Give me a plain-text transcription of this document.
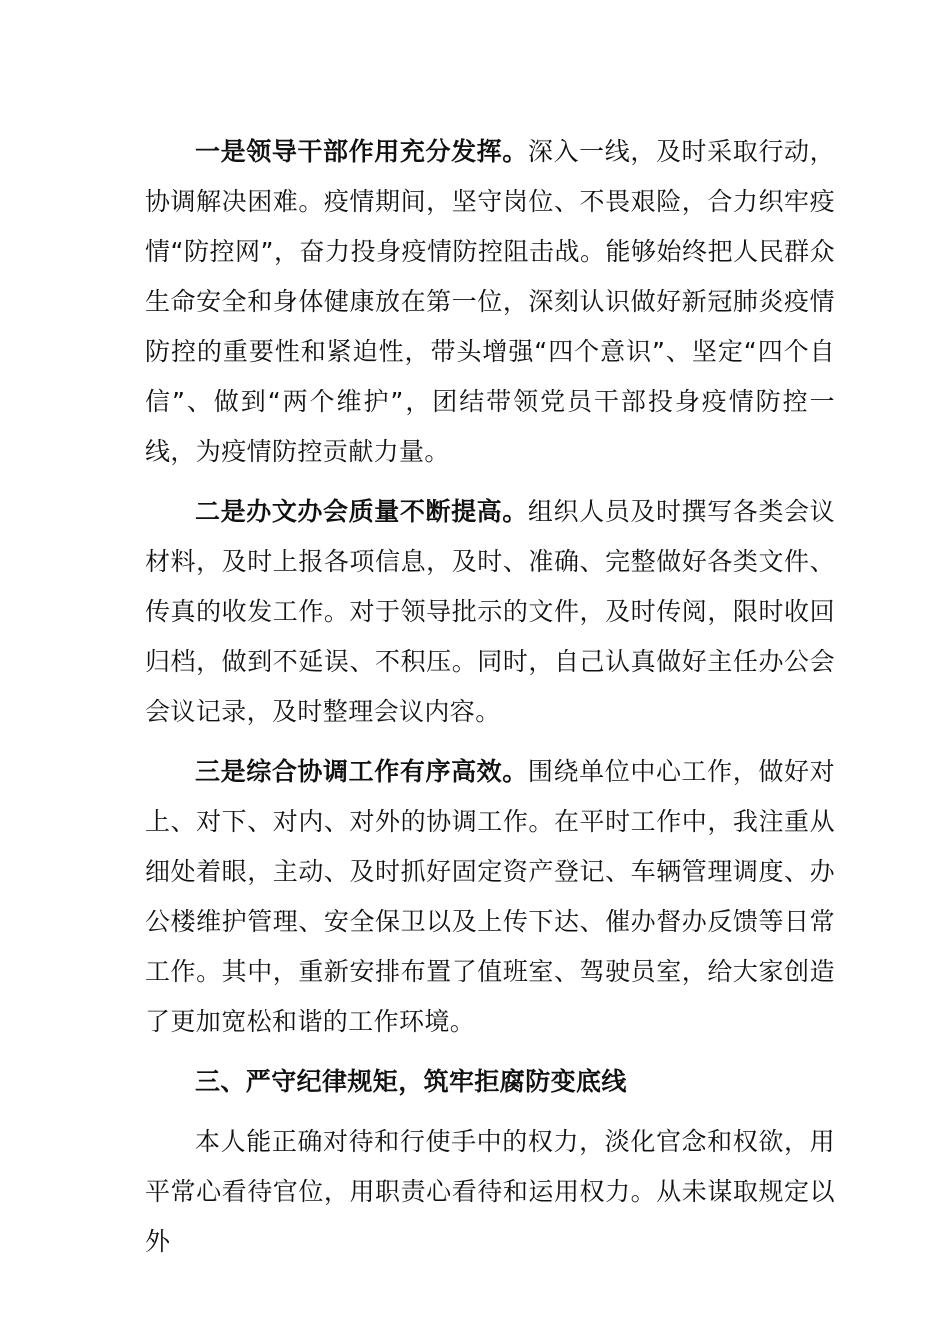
一是领导干部作用充分发挥。深入一线，及时采取行动，协调解决困难。疫情期间，坚守岗位、不畏艰险，合力织牢疫情“防控网”，奋力投身疫情防控阻击战。能够始终把人民群众生命安全和身体健康放在第一位，深刻认识做好新冠肺炎疫情防控的重要性和紧迫性，带头增强“四个意识”、坚定“四个自信”、做到“两个维护”，团结带领党员干部投身疫情防控一线，为疫情防控贡献力量。

二是办文办会质量不断提高。组织人员及时撰写各类会议材料，及时上报各项信息，及时、准确、完整做好各类文件、传真的收发工作。对于领导批示的文件，及时传阅，限时收回归档，做到不延误、不积压。同时，自己认真做好主任办公会会议记录，及时整理会议内容。

三是综合协调工作有序高效。围绕单位中心工作，做好对上、对下、对内、对外的协调工作。在平时工作中，我注重从细处着眼，主动、及时抓好固定资产登记、车辆管理调度、办公楼维护管理、安全保卫以及上传下达、催办督办反馈等日常工作。其中，重新安排布置了值班室、驾驶员室，给大家创造了更加宽松和谐的工作环境。

三、严守纪律规矩，筑牢拒腐防变底线

本人能正确对待和行使手中的权力，淡化官念和权欲，用平常心看待官位，用职责心看待和运用权力。从未谋取规定以外
